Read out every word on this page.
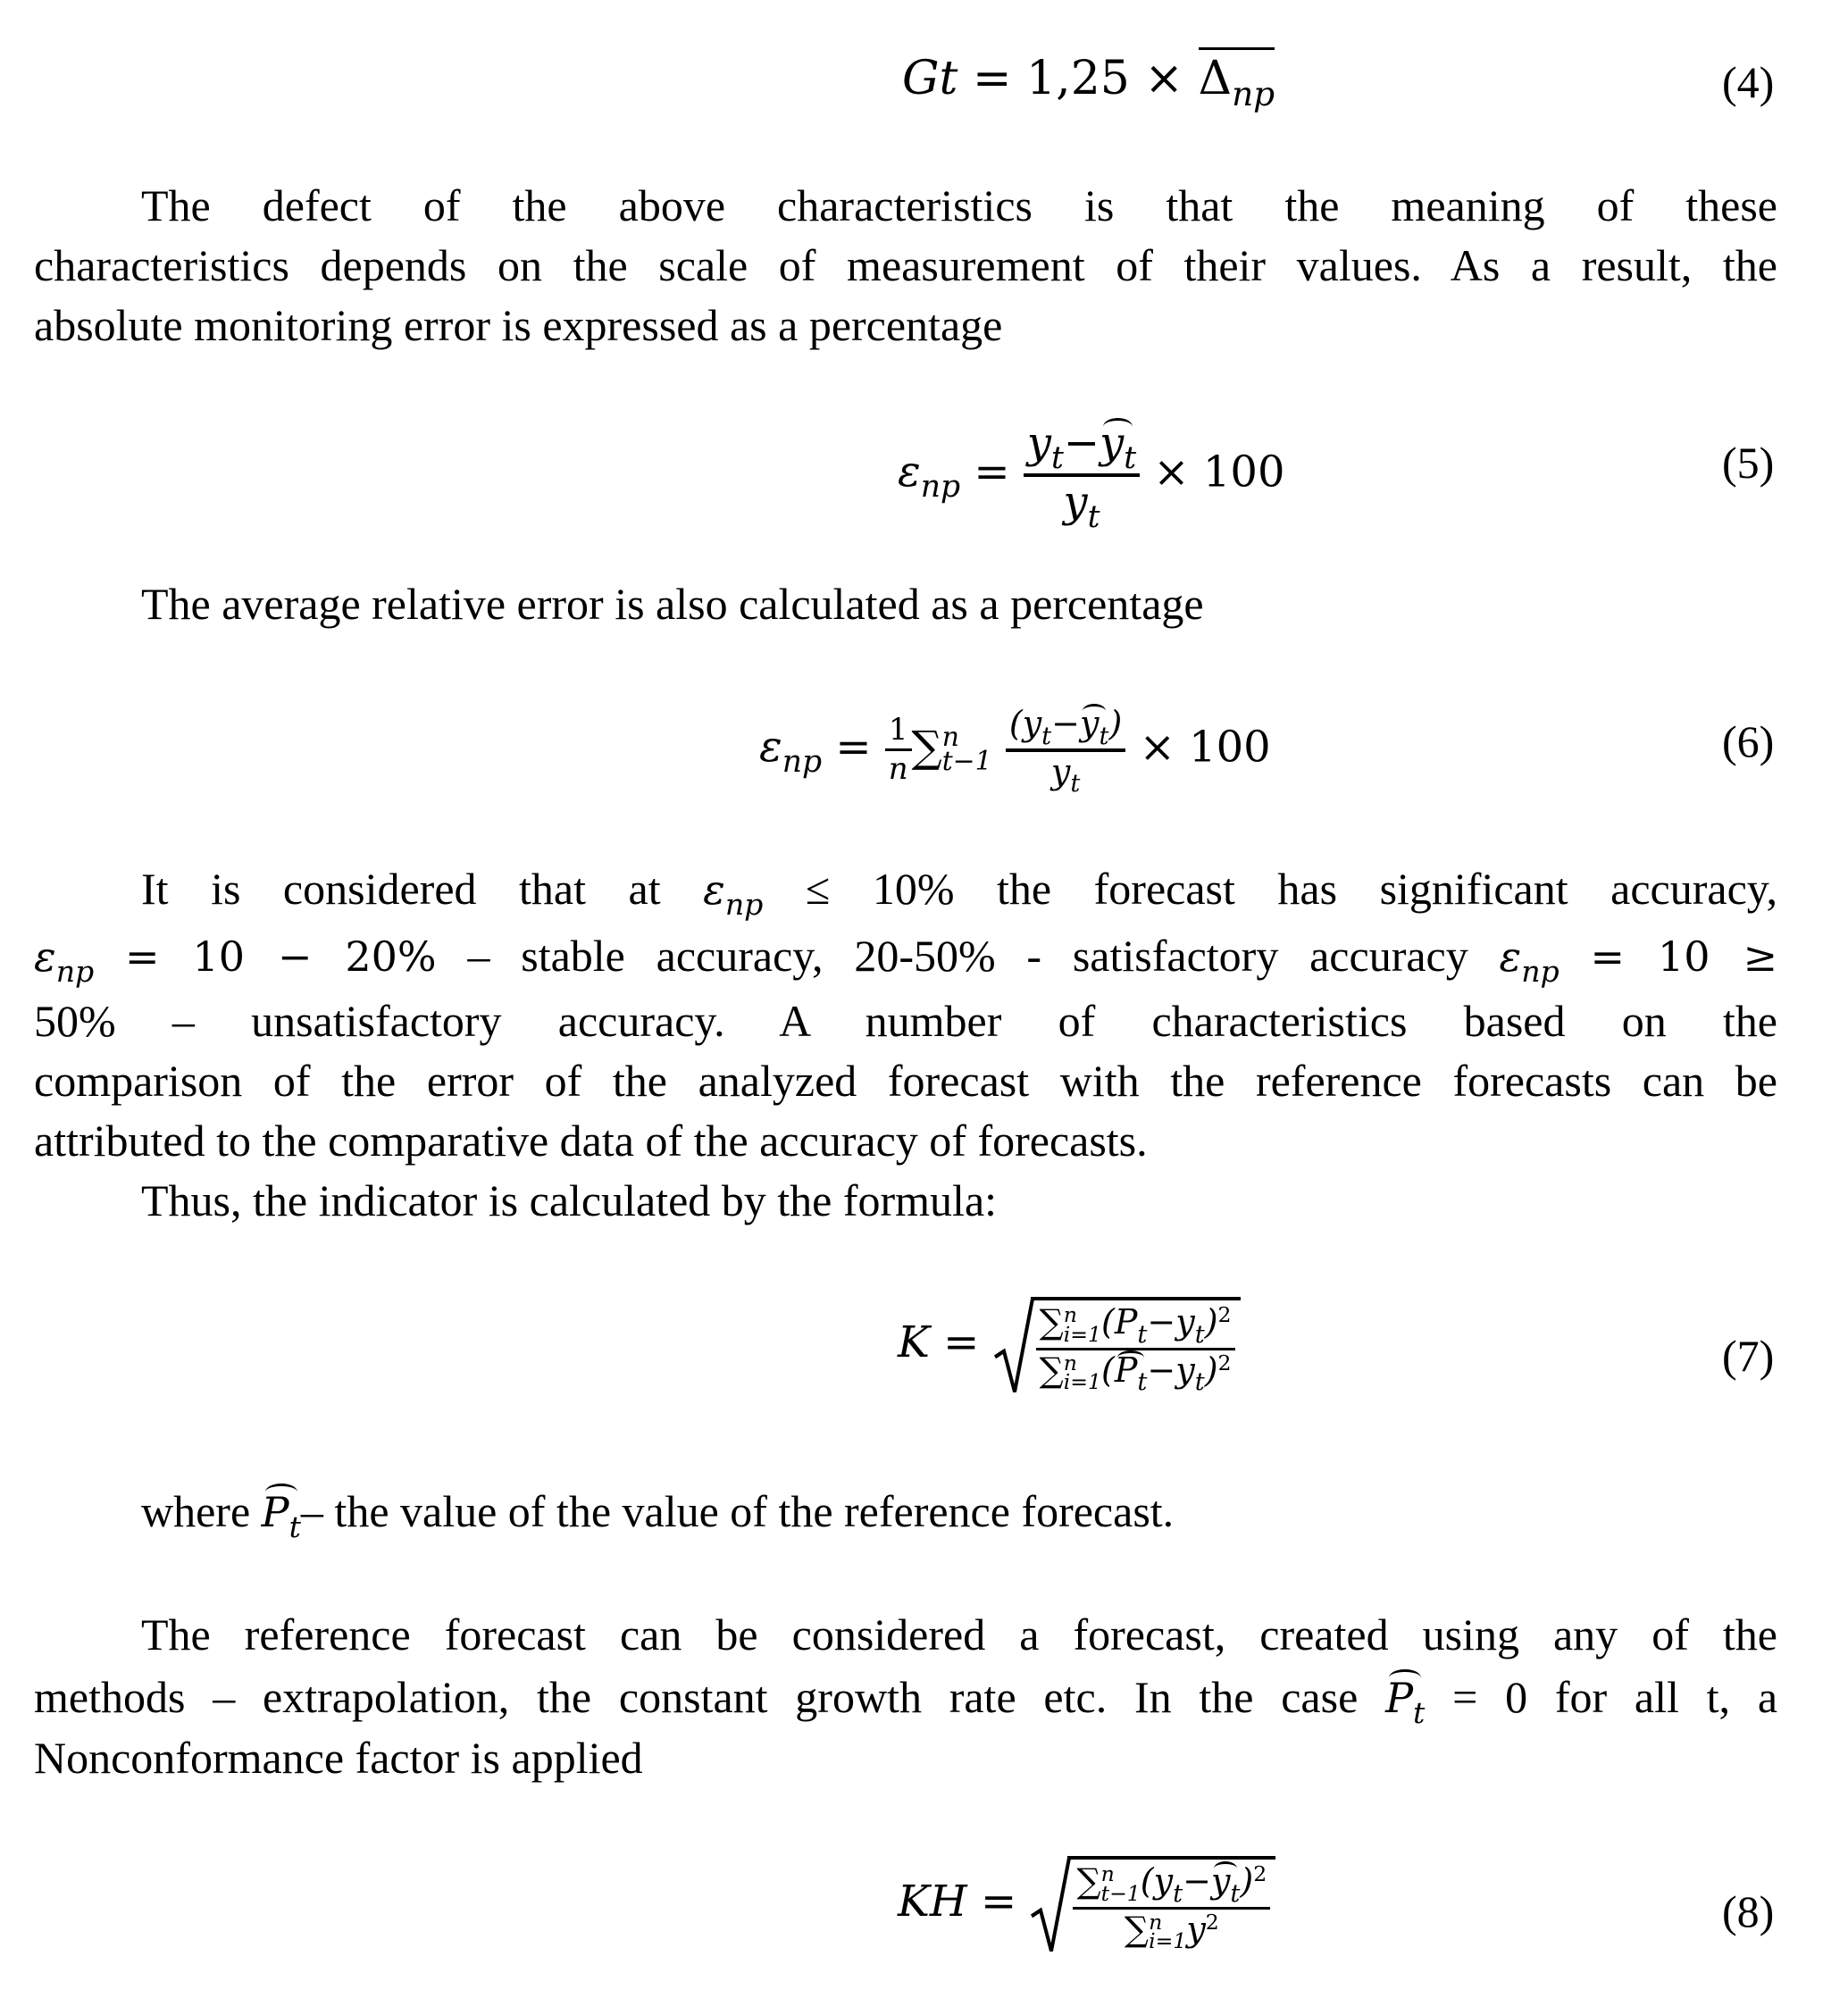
$Gt = 1,25 \times \Delta_{np}$	(4)
The defect of the above characteristics is that the meaning of these
characteristics depends on the scale of measurement of their values. As a result, the
absolute monitoring error is expressed as a percentage
$\varepsilon_{np} = \frac{y_t-y_t}{y_t} \times 100$	(5)
The average relative error is also calculated as a percentage
$\varepsilon_{np} = \frac{1}{n}$ ∑ n
t−1
$\frac{(y_t-y_t)}{y_t} \times 100$	(6)
It is considered that at $\varepsilon_{np} \le 10\%$ the forecast has significant accuracy,
$\varepsilon_{np} = 10 - 20\%$ – stable accuracy, 20-50% - satisfactory accuracy $\varepsilon_{np} = 10$ ≥
50% – unsatisfactory accuracy. A number of characteristics based on the
comparison of the error of the analyzed forecast with the reference forecasts can be
attributed to the comparative data of the accuracy of forecasts.
Thus, the indicator is calculated by the formula:
K = ∑ n
i=1 $(P_t-y_t)^2$
∑ n
i=1 $(P_t-y_t)^2$	(7)
where $P_t-$ the value of the value of the reference forecast.
The reference forecast can be considered a forecast, created using any of the
methods – extrapolation, the constant growth rate etc. In the case $P_t = 0$ for all t, a
Nonconformance factor is applied
KH = ∑ n
t−1 $(y_t-y_t)^2$
∑ n
i=1 $y^2$	(8)
